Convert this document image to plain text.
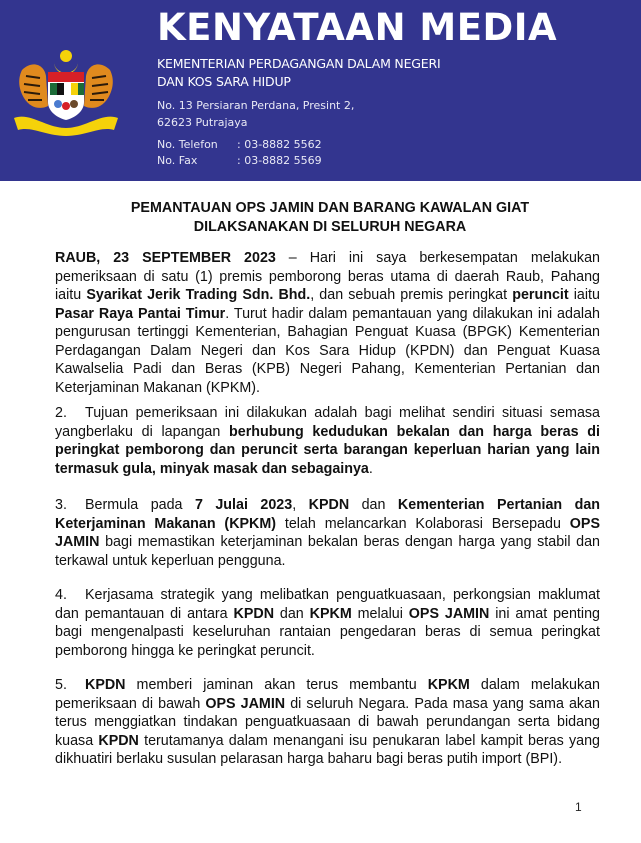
KENYATAAN MEDIA
KEMENTERIAN PERDAGANGAN DALAM NEGERI
DAN KOS SARA HIDUP
No. 13 Persiaran Perdana, Presint 2,
62623 Putrajaya
No. Telefon	: 03-8882 5562
No. Fax	: 03-8882 5569
PEMANTAUAN OPS JAMIN DAN BARANG KAWALAN GIAT
DILAKSANAKAN DI SELURUH NEGARA
RAUB, 23 SEPTEMBER 2023 – Hari ini saya berkesempatan melakukan pemeriksaan di satu (1) premis pemborong beras utama di daerah Raub, Pahang iaitu Syarikat Jerik Trading Sdn. Bhd., dan sebuah premis peringkat peruncit iaitu Pasar Raya Pantai Timur. Turut hadir dalam pemantauan yang dilakukan ini adalah pengurusan tertinggi Kementerian, Bahagian Penguat Kuasa (BPGK) Kementerian Perdagangan Dalam Negeri dan Kos Sara Hidup (KPDN) dan Penguat Kuasa Kawalselia Padi dan Beras (KPB) Negeri Pahang, Kementerian Pertanian dan Keterjaminan Makanan (KPKM).
2. Tujuan pemeriksaan ini dilakukan adalah bagi melihat sendiri situasi semasa yangberlaku di lapangan berhubung kedudukan bekalan dan harga beras di peringkat pemborong dan peruncit serta barangan keperluan harian yang lain termasuk gula, minyak masak dan sebagainya.
3. Bermula pada 7 Julai 2023, KPDN dan Kementerian Pertanian dan Keterjaminan Makanan (KPKM) telah melancarkan Kolaborasi Bersepadu OPS JAMIN bagi memastikan keterjaminan bekalan beras dengan harga yang stabil dan terkawal untuk keperluan pengguna.
4. Kerjasama strategik yang melibatkan penguatkuasaan, perkongsian maklumat dan pemantauan di antara KPDN dan KPKM melalui OPS JAMIN ini amat penting bagi mengenalpasti keseluruhan rantaian pengedaran beras di semua peringkat pemborong hingga ke peringkat peruncit.
5. KPDN memberi jaminan akan terus membantu KPKM dalam melakukan pemeriksaan di bawah OPS JAMIN di seluruh Negara. Pada masa yang sama akan terus menggiatkan tindakan penguatkuasaan di bawah perundangan serta bidang kuasa KPDN terutamanya dalam menangani isu penukaran label kampit beras yang dikhuatiri berlaku susulan pelarasan harga baharu bagi beras putih import (BPI).
1
